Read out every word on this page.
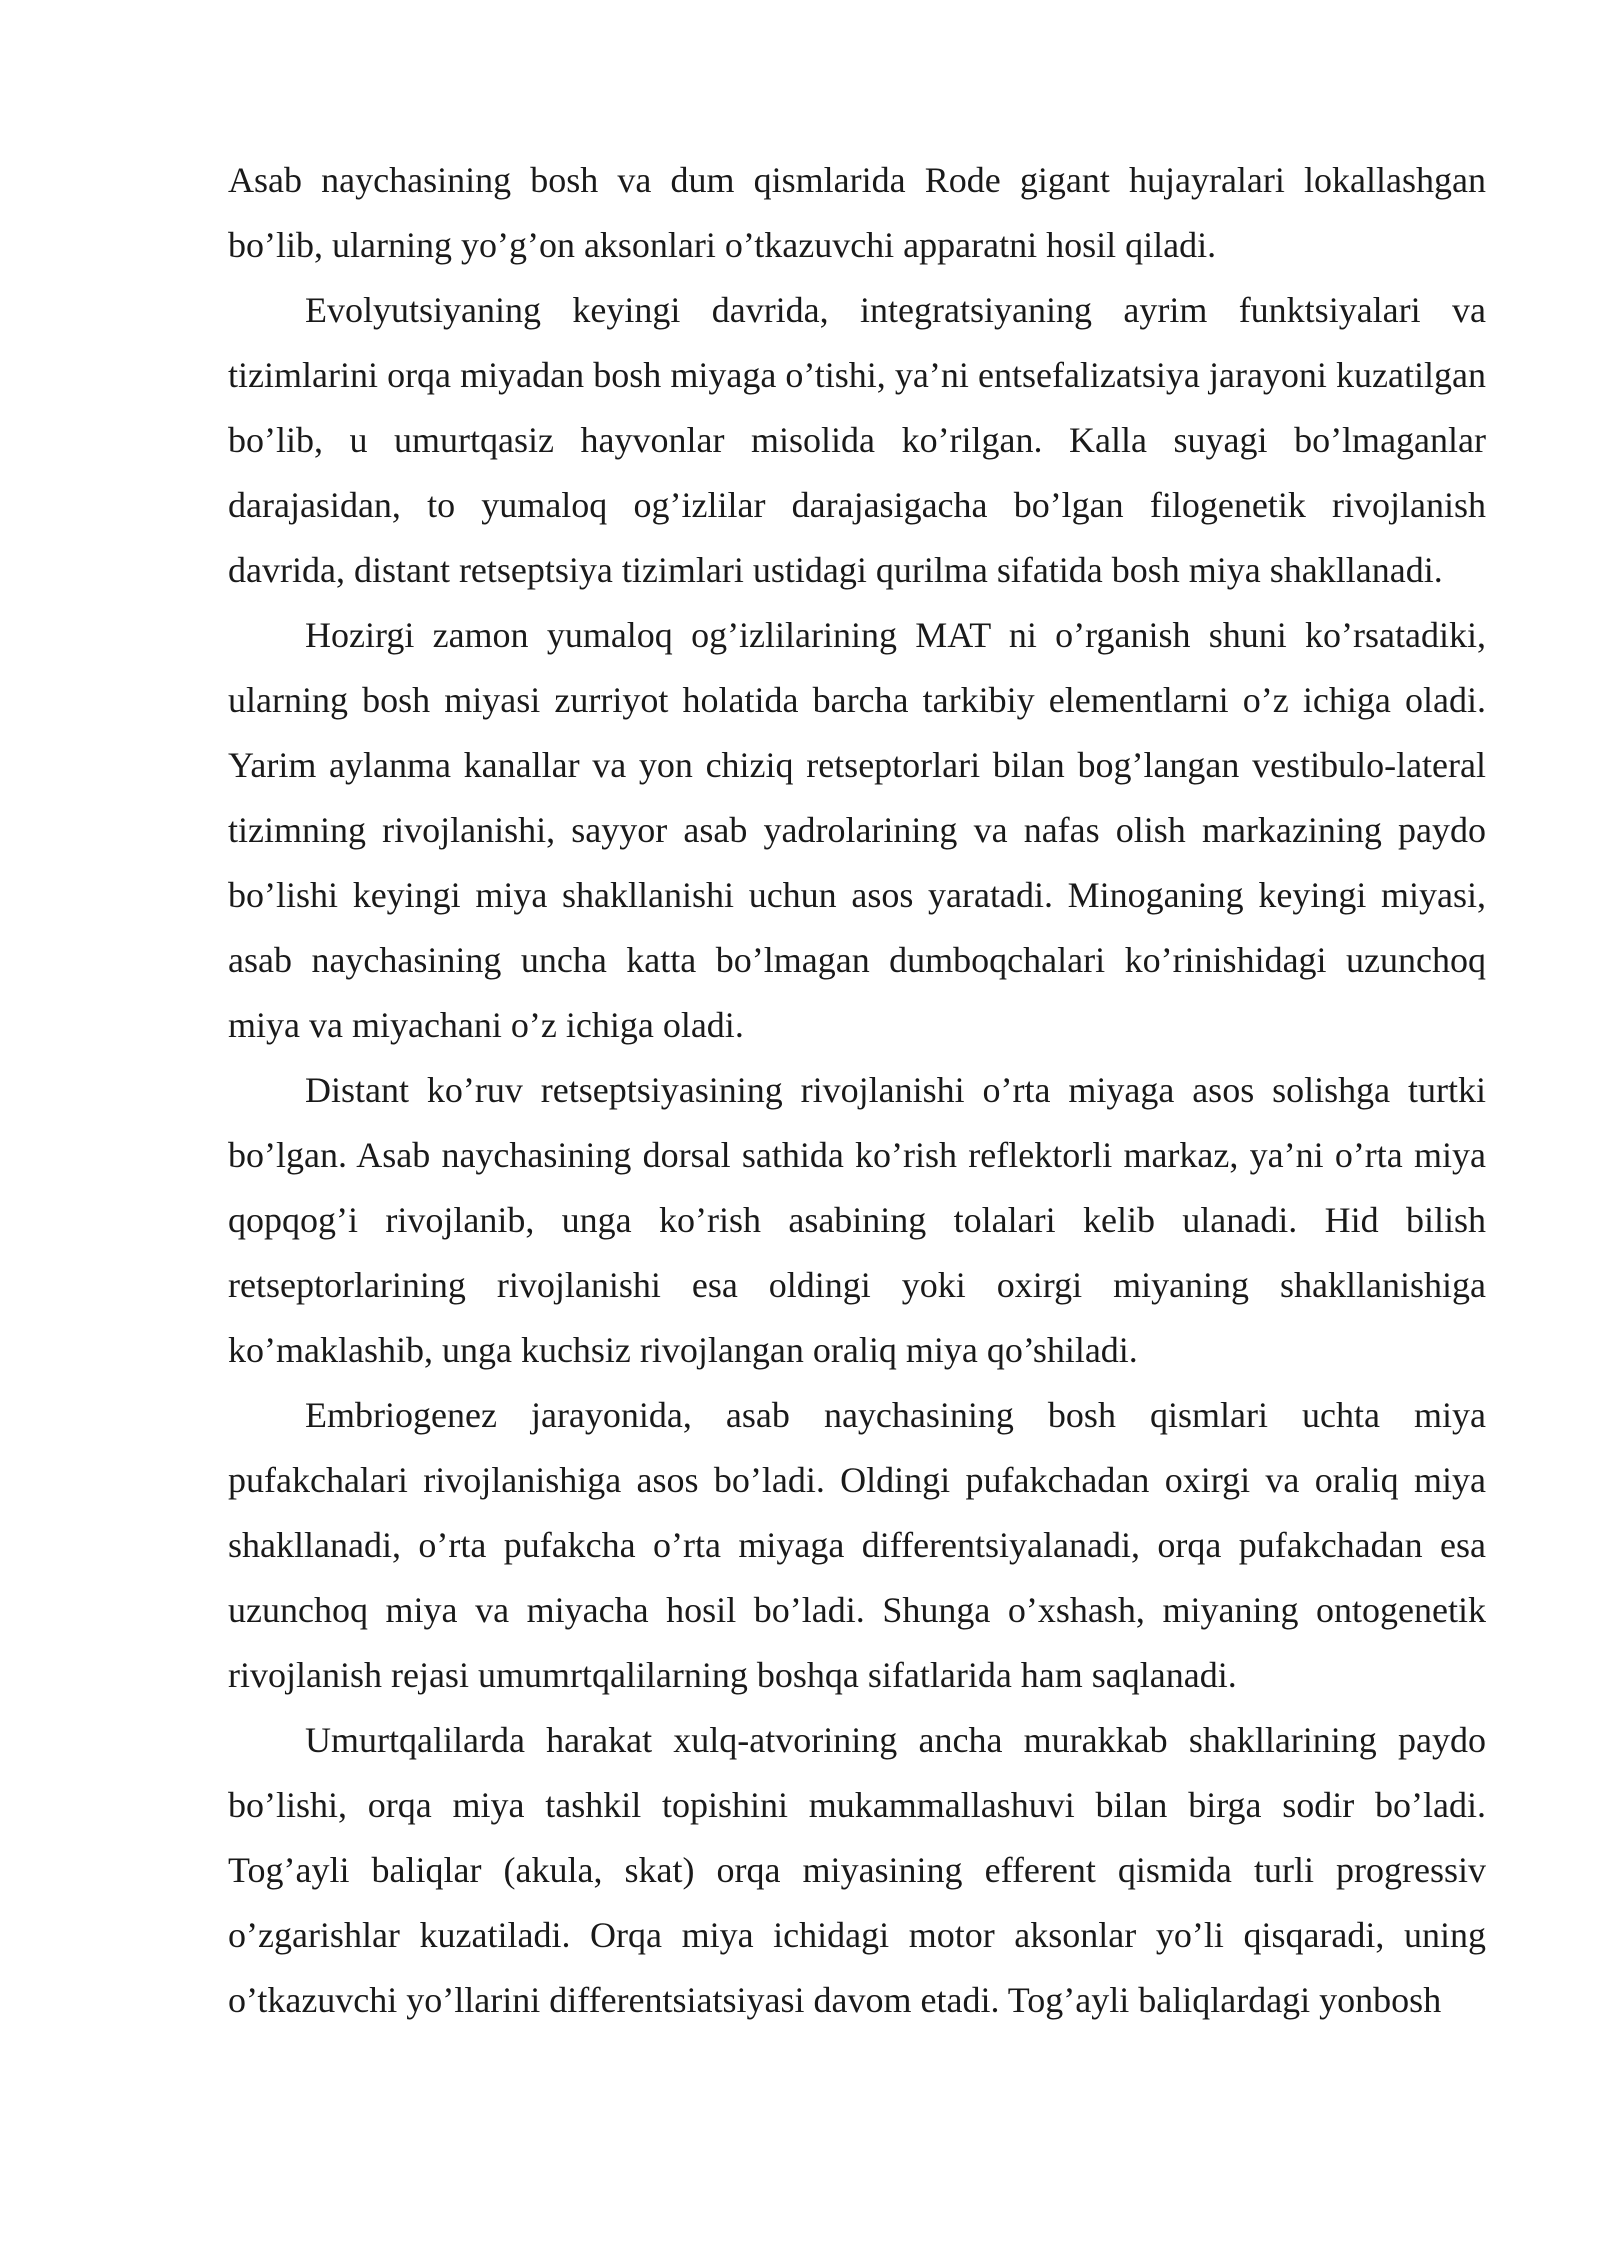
Asab naychasining bosh va dum qismlarida Rode gigant hujayralari lokallashgan bo’lib, ularning yo’g’on aksonlari o’tkazuvchi apparatni hosil qiladi.

Evolyutsiyaning keyingi davrida, integratsiyaning ayrim funktsiyalari va tizimlarini orqa miyadan bosh miyaga o’tishi, ya’ni entsefalizatsiya jarayoni kuzatilgan bo’lib, u umurtqasiz hayvonlar misolida ko’rilgan. Kalla suyagi bo’lmaganlar darajasidan, to yumaloq og’izlilar darajasigacha bo’lgan filogenetik rivojlanish davrida, distant retseptsiya tizimlari ustidagi qurilma sifatida bosh miya shakllanadi.

Hozirgi zamon yumaloq og’izlilarining MAT ni o’rganish shuni ko’rsatadiki, ularning bosh miyasi zurriyot holatida barcha tarkibiy elementlarni o’z ichiga oladi. Yarim aylanma kanallar va yon chiziq retseptorlari bilan bog’langan vestibulo-lateral tizimning rivojlanishi, sayyor asab yadrolarining va nafas olish markazining paydo bo’lishi keyingi miya shakllanishi uchun asos yaratadi. Minoganing keyingi miyasi, asab naychasining uncha katta bo’lmagan dumboqchalari ko’rinishidagi uzunchoq miya va miyachani o’z ichiga oladi.

Distant ko’ruv retseptsiyasining rivojlanishi o’rta miyaga asos solishga turtki bo’lgan. Asab naychasining dorsal sathida ko’rish reflektorli markaz, ya’ni o’rta miya qopqog’i rivojlanib, unga ko’rish asabining tolalari kelib ulanadi. Hid bilish retseptorlarining rivojlanishi esa oldingi yoki oxirgi miyaning shakllanishiga ko’maklashib, unga kuchsiz rivojlangan oraliq miya qo’shiladi.

Embriogenez jarayonida, asab naychasining bosh qismlari uchta miya pufakchalari rivojlanishiga asos bo’ladi. Oldingi pufakchadan oxirgi va oraliq miya shakllanadi, o’rta pufakcha o’rta miyaga differentsiyalanadi, orqa pufakchadan esa uzunchoq miya va miyacha hosil bo’ladi. Shunga o’xshash, miyaning ontogenetik rivojlanish rejasi umumrtqalilarning boshqa sifatlarida ham saqlanadi.

Umurtqalilarda harakat xulq-atvorining ancha murakkab shakllarining paydo bo’lishi, orqa miya tashkil topishini mukammallashuvi bilan birga sodir bo’ladi. Tog’ayli baliqlar (akula, skat) orqa miyasining efferent qismida turli progressiv o’zgarishlar kuzatiladi. Orqa miya ichidagi motor aksonlar yo’li qisqaradi, uning o’tkazuvchi yo’llarini differentsiatsiyasi davom etadi. Tog’ayli baliqlardagi yonbosh
